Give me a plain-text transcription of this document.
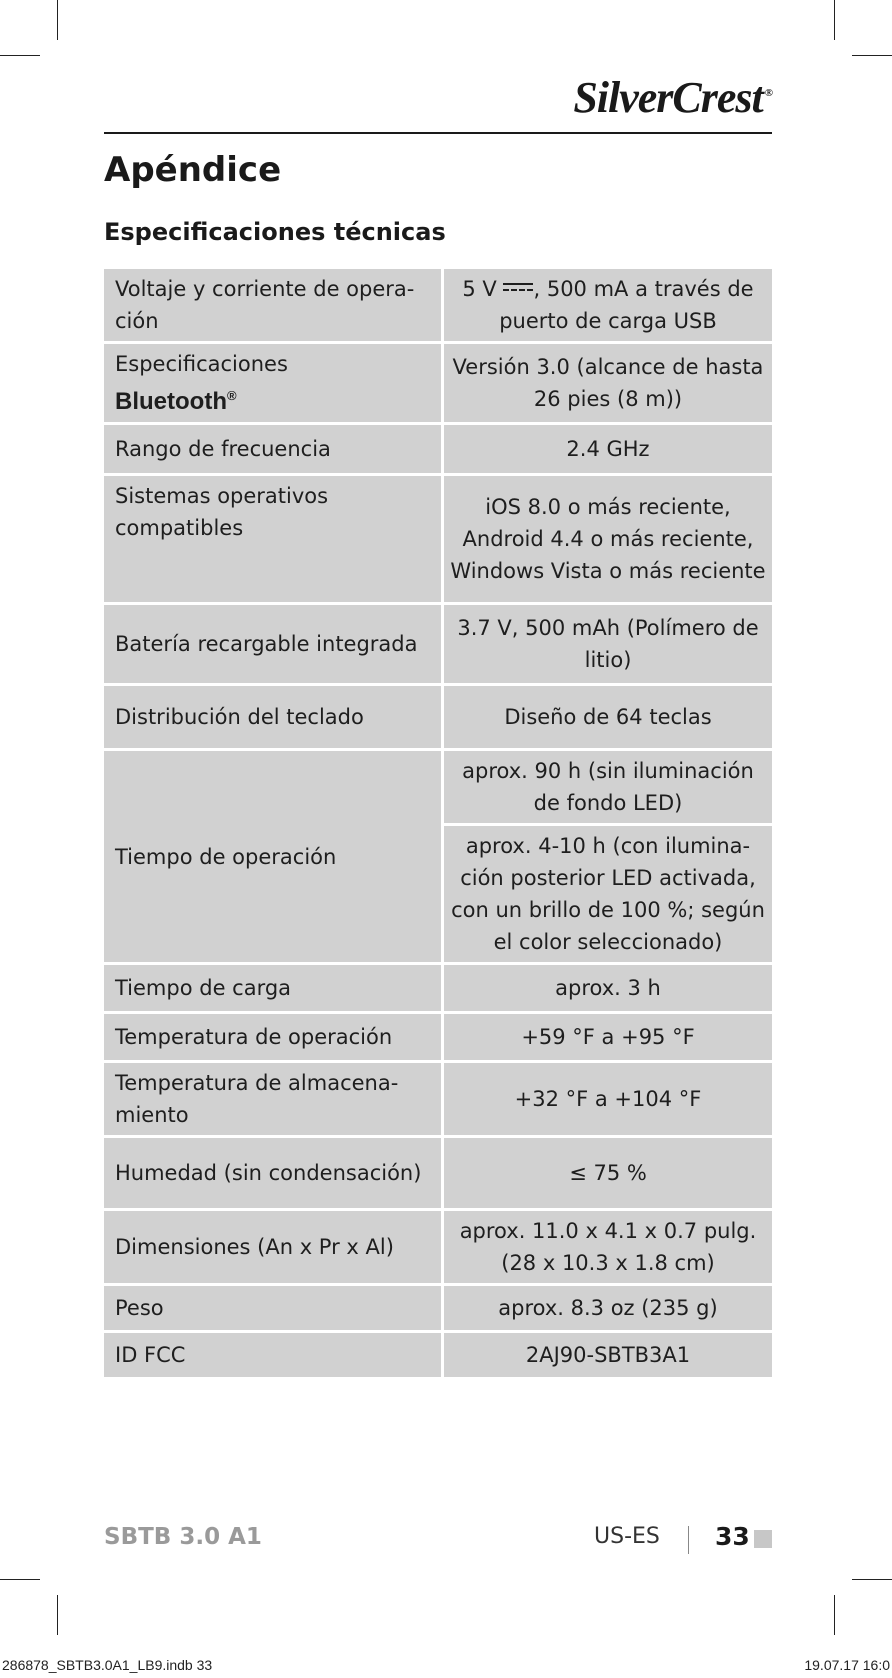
SilverCrest ®
Apéndice
Especificaciones técnicas
Voltaje y corriente de opera-ción	5 V , 500 mA a través de puerto de carga USB

Especificaciones
Bluetooth®	Versión 3.0 (alcance de hasta 26 pies (8 m))
Rango de frecuencia	2.4 GHz
Sistemas operativos compatibles	iOS 8.0 o más reciente, Android 4.4 o más reciente, Windows Vista o más reciente
Batería recargable integrada	3.7 V, 500 mAh (Polímero de litio)
Distribución del teclado	Diseño de 64 teclas
Tiempo de operación	aprox. 90 h (sin iluminación de fondo LED)
	aprox. 4-10 h (con ilumina-ción posterior LED activada, con un brillo de 100 %; según el color seleccionado)
Tiempo de carga	aprox. 3 h
Temperatura de operación	+59 °F a +95 °F
Temperatura de almacena-miento	+32 °F a +104 °F
Humedad (sin condensación)	≤ 75 %
Dimensiones (An x Pr x Al)	aprox. 11.0 x 4.1 x 0.7 pulg. (28 x 10.3 x 1.8 cm)
Peso	aprox. 8.3 oz (235 g)
ID FCC	2AJ90-SBTB3A1
SBTB 3.0 A1	US-ES 33
286878_SBTB3.0A1_LB9.indb 33	19.07.17 16:0
